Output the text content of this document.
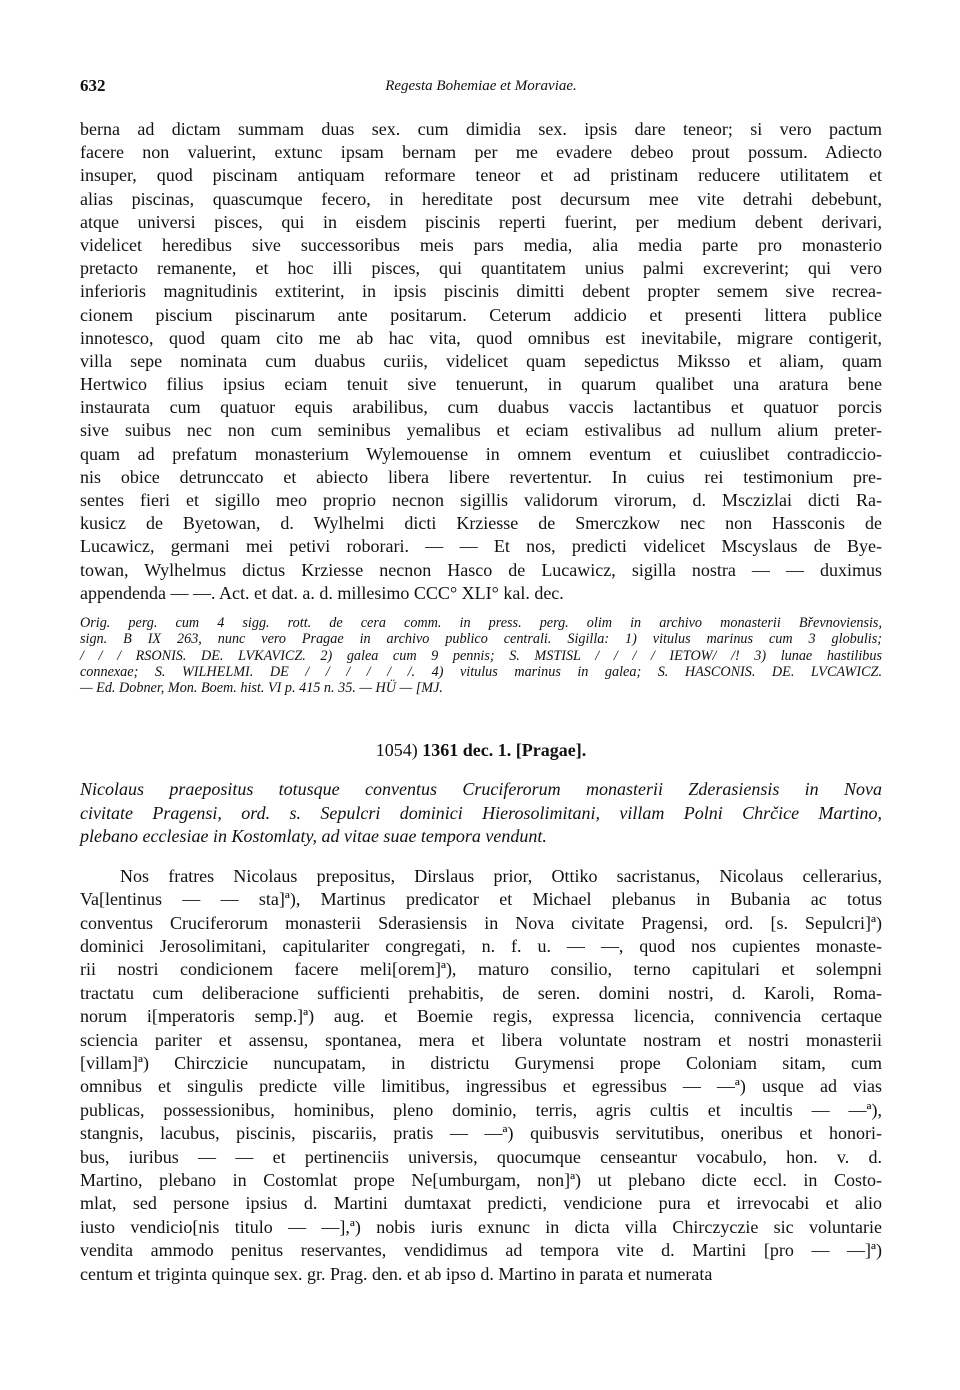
632	Regesta Bohemiae et Moraviae.
berna ad dictam summam duas sex. cum dimidia sex. ipsis dare teneor; si vero pactum
facere non valuerint, extunc ipsam bernam per me evadere debeo prout possum. Adiecto
insuper, quod piscinam antiquam reformare teneor et ad pristinam reducere utilitatem et
alias piscinas, quascumque fecero, in hereditate post decursum mee vite detrahi debebunt,
atque universi pisces, qui in eisdem piscinis reperti fuerint, per medium debent derivari,
videlicet heredibus sive successoribus meis pars media, alia media parte pro monasterio
pretacto remanente, et hoc illi pisces, qui quantitatem unius palmi excreverint; qui vero
inferioris magnitudinis extiterint, in ipsis piscinis dimitti debent propter semem sive recrea-
cionem piscium piscinarum ante positarum. Ceterum addicio et presenti littera publice
innotesco, quod quam cito me ab hac vita, quod omnibus est inevitabile, migrare contigerit,
villa sepe nominata cum duabus curiis, videlicet quam sepedictus Miksso et aliam, quam
Hertwico filius ipsius eciam tenuit sive tenuerunt, in quarum qualibet una aratura bene
instaurata cum quatuor equis arabilibus, cum duabus vaccis lactantibus et quatuor porcis
sive suibus nec non cum seminibus yemalibus et eciam estivalibus ad nullum alium preter-
quam ad prefatum monasterium Wylemouense in omnem eventum et cuiuslibet contradiccio-
nis obice detrunccato et abiecto libera libere revertentur. In cuius rei testimonium pre-
sentes fieri et sigillo meo proprio necnon sigillis validorum virorum, d. Msczizlai dicti Ra-
kusicz de Byetowan, d. Wylhelmi dicti Krziesse de Smerczkow nec non Hassconis de
Lucawicz, germani mei petivi roborari. — — Et nos, predicti videlicet Mscyslaus de Bye-
towan, Wylhelmus dictus Krziesse necnon Hasco de Lucawicz, sigilla nostra — — duximus
appendenda — —. Act. et dat. a. d. millesimo CCC° XLI° kal. dec.
Orig. perg. cum 4 sigg. rott. de cera comm. in press. perg. olim in archivo monasterii Břevnoviensis,
sign. B IX 263, nunc vero Pragae in archivo publico centrali. Sigilla: 1) vitulus marinus cum 3 globulis;
/ / / RSONIS. DE. LVKAVICZ. 2) galea cum 9 pennis; S. MSTISL / / / / IETOW/ /! 3) lunae hastilibus
connexae; S. WILHELMI. DE / / / / / /. 4) vitulus marinus in galea; S. HASCONIS. DE. LVCAWICZ.
— Ed. Dobner, Mon. Boem. hist. VI p. 415 n. 35. — HÜ — [MJ.
1054) 1361 dec. 1. [Pragae].
Nicolaus praepositus totusque conventus Cruciferorum monasterii Zderasiensis in Nova
civitate Pragensi, ord. s. Sepulcri dominici Hierosolimitani, villam Polni Chrčice Martino,
plebano ecclesiae in Kostomlaty, ad vitae suae tempora vendunt.
Nos fratres Nicolaus prepositus, Dirslaus prior, Ottiko sacristanus, Nicolaus cellerarius,
Va[lentinus — — sta]ª), Martinus predicator et Michael plebanus in Bubania ac totus
conventus Cruciferorum monasterii Sderasiensis in Nova civitate Pragensi, ord. [s. Sepulcri]ª)
dominici Jerosolimitani, capitulariter congregati, n. f. u. — —, quod nos cupientes monaste-
rii nostri condicionem facere meli[orem]ª), maturo consilio, terno capitulari et solempni
tractatu cum deliberacione sufficienti prehabitis, de seren. domini nostri, d. Karoli, Roma-
norum i[mperatoris semp.]ª) aug. et Boemie regis, expressa licencia, connivencia certaque
sciencia pariter et assensu, spontanea, mera et libera voluntate nostram et nostri monasterii
[villam]ª) Chirczicie nuncupatam, in districtu Gurymensi prope Coloniam sitam, cum
omnibus et singulis predicte ville limitibus, ingressibus et egressibus — —ª) usque ad vias
publicas, possessionibus, hominibus, pleno dominio, terris, agris cultis et incultis — —ª),
stangnis, lacubus, piscinis, piscariis, pratis — —ª) quibusvis servitutibus, oneribus et honori-
bus, iuribus — — et pertinenciis universis, quocumque censeantur vocabulo, hon. v. d.
Martino, plebano in Costomlat prope Ne[umburgam, non]ª) ut plebano dicte eccl. in Costo-
mlat, sed persone ipsius d. Martini dumtaxat predicti, vendicione pura et irrevocabi et alio
iusto vendicio[nis titulo — —],ª) nobis iuris exnunc in dicta villa Chirczyczie sic voluntarie
vendita ammodo penitus reservantes, vendidimus ad tempora vite d. Martini [pro — —]ª)
centum et triginta quinque sex. gr. Prag. den. et ab ipso d. Martino in parata et numerata
